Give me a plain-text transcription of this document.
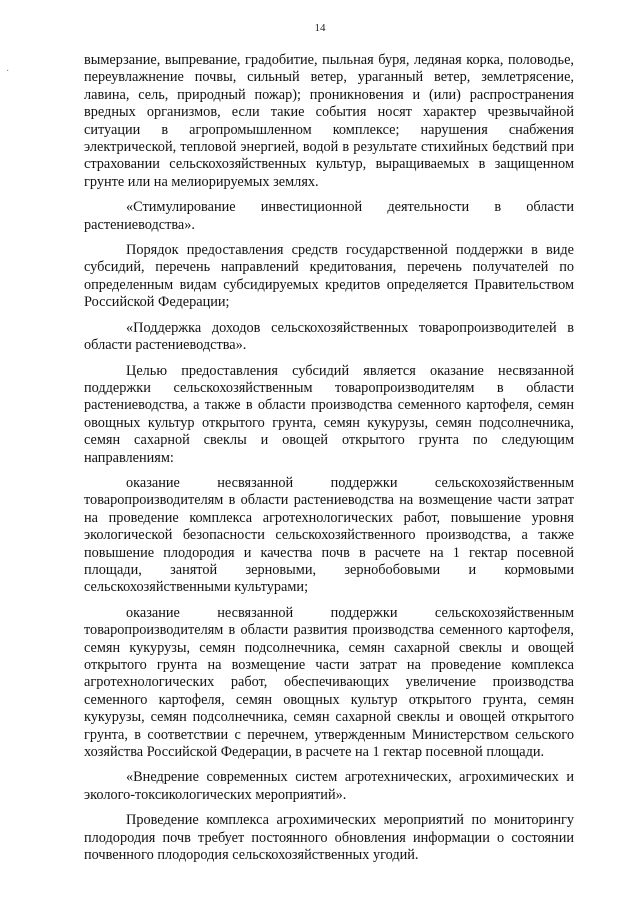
14
·

вымерзание, выпревание, градобитие, пыльная буря, ледяная корка, половодье, переувлажнение почвы, сильный ветер, ураганный ветер, землетрясение, лавина, сель, природный пожар); проникновения и (или) распространения вредных организмов, если такие события носят характер чрезвычайной ситуации в агропромышленном комплексе; нарушения снабжения электрической, тепловой энергией, водой в результате стихийных бедствий при страховании сельскохозяйственных культур, выращиваемых в защищенном грунте или на мелиорируемых землях.

«Стимулирование инвестиционной деятельности в области растениеводства».

Порядок предоставления средств государственной поддержки в виде субсидий, перечень направлений кредитования, перечень получателей по определенным видам субсидируемых кредитов определяется Правительством Российской Федерации;

«Поддержка доходов сельскохозяйственных товаропроизводителей в области растениеводства».

Целью предоставления субсидий является оказание несвязанной поддержки сельскохозяйственным товаропроизводителям в области растениеводства, а также в области производства семенного картофеля, семян овощных культур открытого грунта, семян кукурузы, семян подсолнечника, семян сахарной свеклы и овощей открытого грунта по следующим направлениям:

оказание несвязанной поддержки сельскохозяйственным товаропроизводителям в области растениеводства на возмещение части затрат на проведение комплекса агротехнологических работ, повышение уровня экологической безопасности сельскохозяйственного производства, а также повышение плодородия и качества почв в расчете на 1 гектар посевной площади, занятой зерновыми, зернобобовыми и кормовыми сельскохозяйственными культурами;

оказание несвязанной поддержки сельскохозяйственным товаропроизводителям в области развития производства семенного картофеля, семян кукурузы, семян подсолнечника, семян сахарной свеклы и овощей открытого грунта на возмещение части затрат на проведение комплекса агротехнологических работ, обеспечивающих увеличение производства семенного картофеля, семян овощных культур открытого грунта, семян кукурузы, семян подсолнечника, семян сахарной свеклы и овощей открытого грунта, в соответствии с перечнем, утвержденным Министерством сельского хозяйства Российской Федерации, в расчете на 1 гектар посевной площади.

«Внедрение современных систем агротехнических, агрохимических и эколого-токсикологических мероприятий».

Проведение комплекса агрохимических мероприятий по мониторингу плодородия почв требует постоянного обновления информации о состоянии почвенного плодородия сельскохозяйственных угодий.
